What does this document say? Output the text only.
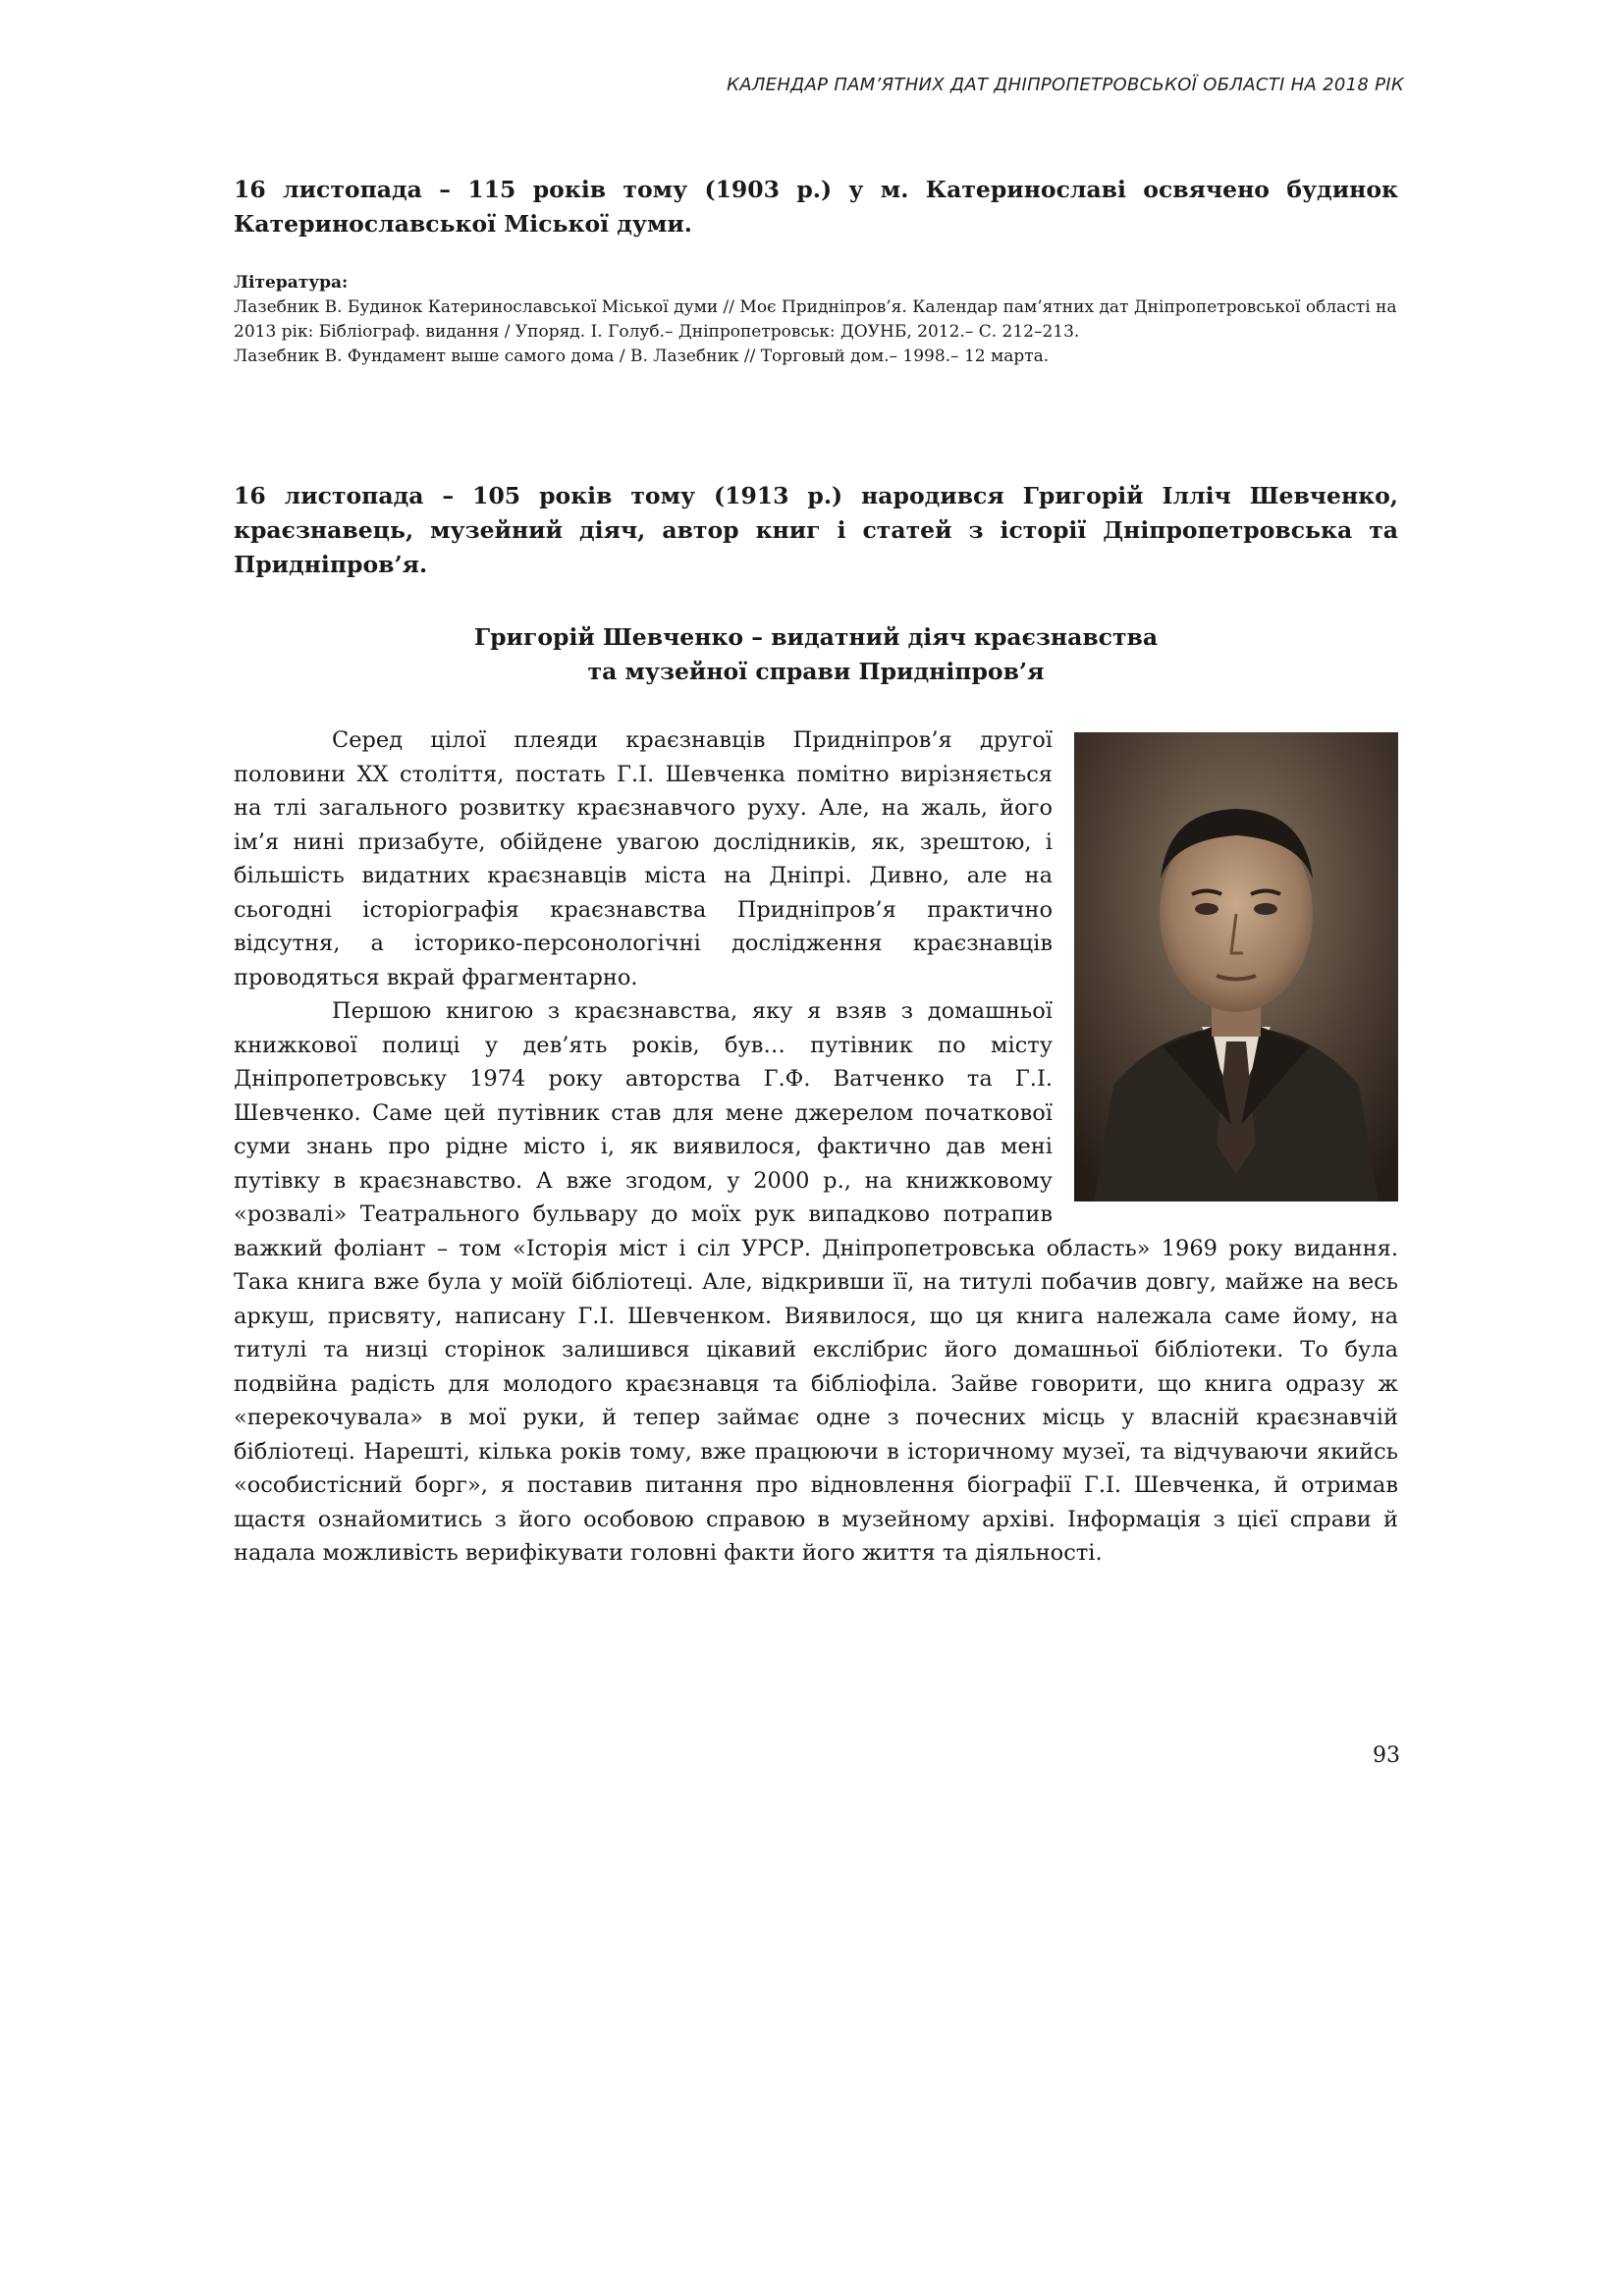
КАЛЕНДАР ПАМ’ЯТНИХ ДАТ ДНІПРОПЕТРОВСЬКОЇ ОБЛАСТІ НА 2018 РІК
16 листопада – 115 років тому (1903 р.) у м. Катеринославі освячено будинок Катеринославської Міської думи.
Література:

Лазебник В. Будинок Катеринославської Міської думи // Моє Придніпров’я. Календар пам’ятних дат Дніпропетровської області на 2013 рік: Бібліограф. видання / Упоряд. І. Голуб.– Дніпропетровськ: ДОУНБ, 2012.– С. 212–213.

Лазебник В. Фундамент выше самого дома / В. Лазебник // Торговый дом.– 1998.– 12 марта.

16 листопада – 105 років тому (1913 р.) народився Григорій Ілліч Шевченко, краєзнавець, музейний діяч, автор книг і статей з історії Дніпропетровська та Придніпров’я.
Григорій Шевченко – видатний діяч краєзнавства
та музейної справи Придніпров’я

Серед цілої плеяди краєзнавців Придніпров’я другої половини ХХ століття, постать Г.І. Шевченка помітно вирізняється на тлі загального розвитку краєзнавчого руху. Але, на жаль, його ім’я нині призабуте, обійдене увагою дослідників, як, зрештою, і більшість видатних краєзнавців міста на Дніпрі. Дивно, але на сьогодні історіографія краєзнавства Придніпров’я практично відсутня, а історико-персонологічні дослідження краєзнавців проводяться вкрай фрагментарно.

Першою книгою з краєзнавства, яку я взяв з домашньої книжкової полиці у дев’ять років, був… путівник по місту Дніпропетровську 1974 року авторства Г.Ф. Ватченко та Г.І. Шевченко. Саме цей путівник став для мене джерелом початкової суми знань про рідне місто і, як виявилося, фактично дав мені путівку в краєзнавство. А вже згодом, у 2000 р., на книжковому «розвалі» Театрального бульвару до моїх рук випадково потрапив важкий фоліант – том «Історія міст і сіл УРСР. Дніпропетровська область» 1969 року видання. Така книга вже була у моїй бібліотеці. Але, відкривши її, на титулі побачив довгу, майже на весь аркуш, присвяту, написану Г.І. Шевченком. Виявилося, що ця книга належала саме йому, на титулі та низці сторінок залишився цікавий екслібрис його домашньої бібліотеки. То була подвійна радість для молодого краєзнавця та бібліофіла. Зайве говорити, що книга одразу ж «перекочувала» в мої руки, й тепер займає одне з почесних місць у власній краєзнавчій бібліотеці. Нарешті, кілька років тому, вже працюючи в історичному музеї, та відчуваючи якийсь «особистісний борг», я поставив питання про відновлення біографії Г.І. Шевченка, й отримав щастя ознайомитись з його особовою справою в музейному архіві. Інформація з цієї справи й надала можливість верифікувати головні факти його життя та діяльності.

93
